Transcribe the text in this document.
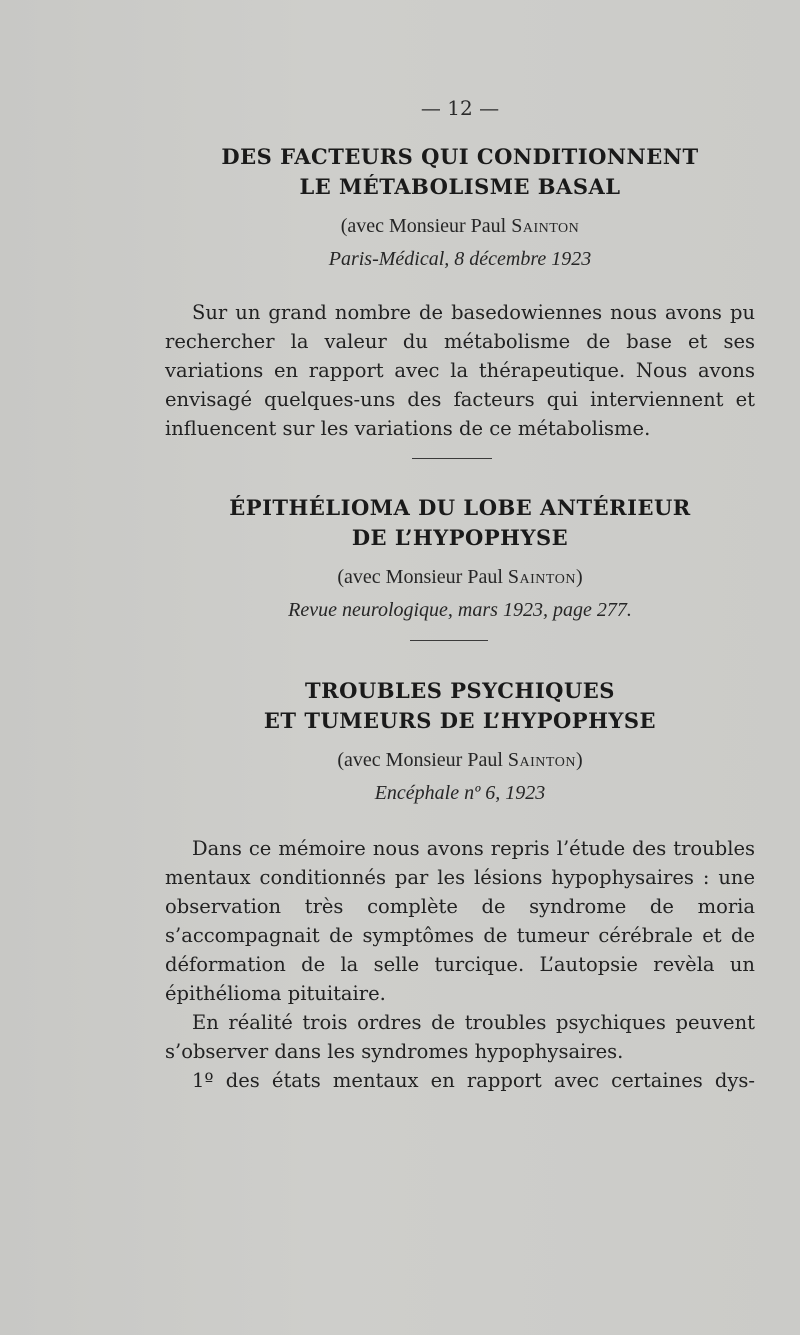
— 12 —
DES FACTEURS QUI CONDITIONNENT
LE MÉTABOLISME BASAL
(avec Monsieur Paul Sainton
Paris-Médical, 8 décembre 1923

Sur un grand nombre de basedowiennes nous avons pu rechercher la valeur du métabolisme de base et ses variations en rapport avec la thérapeutique. Nous avons envisagé quelques-uns des facteurs qui interviennent et influencent sur les variations de ce métabolisme.

ÉPITHÉLIOMA DU LOBE ANTÉRIEUR
DE L’HYPOPHYSE
(avec Monsieur Paul Sainton)
Revue neurologique, mars 1923, page 277.
TROUBLES PSYCHIQUES
ET TUMEURS DE L’HYPOPHYSE
(avec Monsieur Paul Sainton)
Encéphale nº 6, 1923

Dans ce mémoire nous avons repris l’étude des troubles mentaux conditionnés par les lésions hypophysaires : une observation très complète de syndrome de moria s’accompagnait de symptômes de tumeur cérébrale et de déformation de la selle turcique. L’autopsie revèla un épithélioma pituitaire.

En réalité trois ordres de troubles psychiques peuvent s’observer dans les syndromes hypophysaires.

1º des états mentaux en rapport avec certaines dys-
